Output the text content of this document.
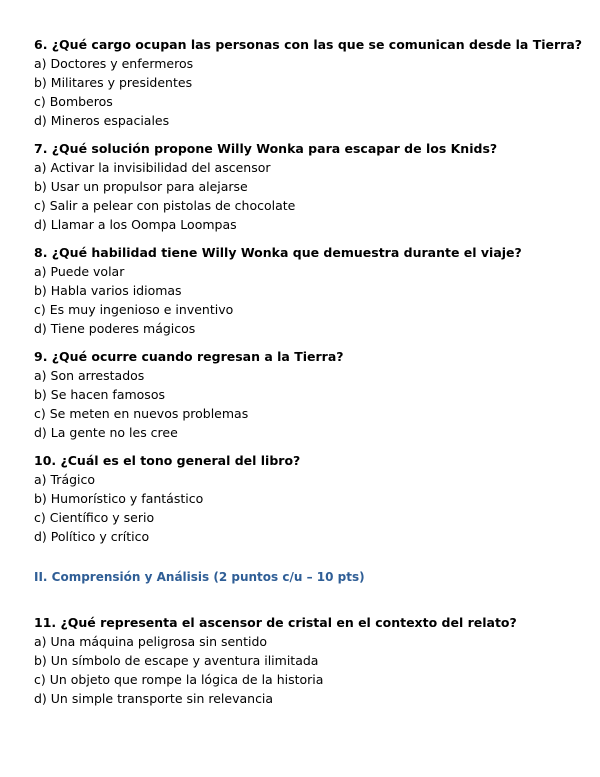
6. ¿Qué cargo ocupan las personas con las que se comunican desde la Tierra?
a) Doctores y enfermeros
b) Militares y presidentes
c) Bomberos
d) Mineros espaciales
7. ¿Qué solución propone Willy Wonka para escapar de los Knids?
a) Activar la invisibilidad del ascensor
b) Usar un propulsor para alejarse
c) Salir a pelear con pistolas de chocolate
d) Llamar a los Oompa Loompas
8. ¿Qué habilidad tiene Willy Wonka que demuestra durante el viaje?
a) Puede volar
b) Habla varios idiomas
c) Es muy ingenioso e inventivo
d) Tiene poderes mágicos
9. ¿Qué ocurre cuando regresan a la Tierra?
a) Son arrestados
b) Se hacen famosos
c) Se meten en nuevos problemas
d) La gente no les cree
10. ¿Cuál es el tono general del libro?
a) Trágico
b) Humorístico y fantástico
c) Científico y serio
d) Político y crítico
II. Comprensión y Análisis (2 puntos c/u – 10 pts)
11. ¿Qué representa el ascensor de cristal en el contexto del relato?
a) Una máquina peligrosa sin sentido
b) Un símbolo de escape y aventura ilimitada
c) Un objeto que rompe la lógica de la historia
d) Un simple transporte sin relevancia
